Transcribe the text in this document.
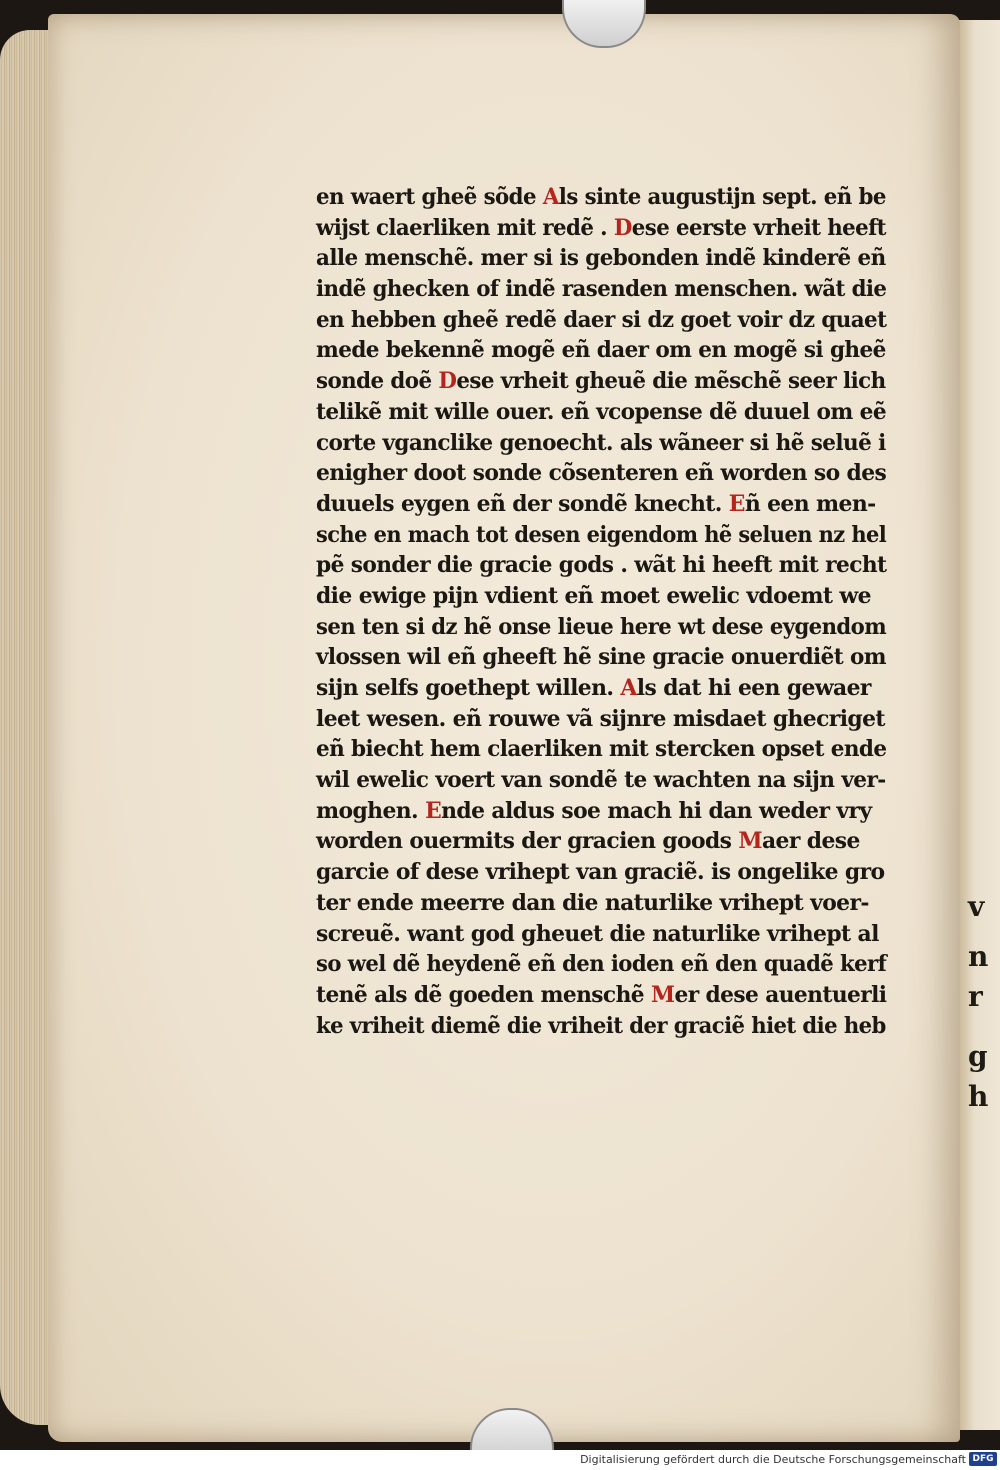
v
n
r
g
h
en waert gheẽ sõde Als sinte augustijn sept. eñ be
wijst claerliken mit redẽ . Dese eerste vrheit heeft
alle menschẽ. mer si is gebonden indẽ kinderẽ eñ
indẽ ghecken of indẽ rasenden menschen. wãt die
en hebben gheẽ redẽ daer si dz goet voir dz quaet
mede bekennẽ mogẽ eñ daer om en mogẽ si gheẽ
sonde doẽ Dese vrheit gheuẽ die mẽschẽ seer lich
telikẽ mit wille ouer. eñ vcopense dẽ duuel om eẽ
corte vganclike genoecht. als wãneer si hẽ seluẽ i
enigher doot sonde cõsenteren eñ worden so des
duuels eygen eñ der sondẽ knecht. Eñ een men-
sche en mach tot desen eigendom hẽ seluen nz hel
pẽ sonder die gracie gods . wãt hi heeft mit recht
die ewige pijn vdient eñ moet ewelic vdoemt we
sen ten si dz hẽ onse lieue here wt dese eygendom
vlossen wil eñ gheeft hẽ sine gracie onuerdiẽt om
sijn selfs goethept willen. Als dat hi een gewaer
leet wesen. eñ rouwe vã sijnre misdaet ghecriget
eñ biecht hem claerliken mit stercken opset ende
wil ewelic voert van sondẽ te wachten na sijn ver-
moghen. Ende aldus soe mach hi dan weder vry
worden ouermits der gracien goods Maer dese
garcie of dese vrihept van graciẽ. is ongelike gro
ter ende meerre dan die naturlike vrihept voer-
screuẽ. want god gheuet die naturlike vrihept al
so wel dẽ heydenẽ eñ den ioden eñ den quadẽ kerf
tenẽ als dẽ goeden menschẽ Mer dese auentuerli
ke vriheit diemẽ die vriheit der graciẽ hiet die heb
Digitalisierung gefördert durch die Deutsche Forschungsgemeinschaft DFG
